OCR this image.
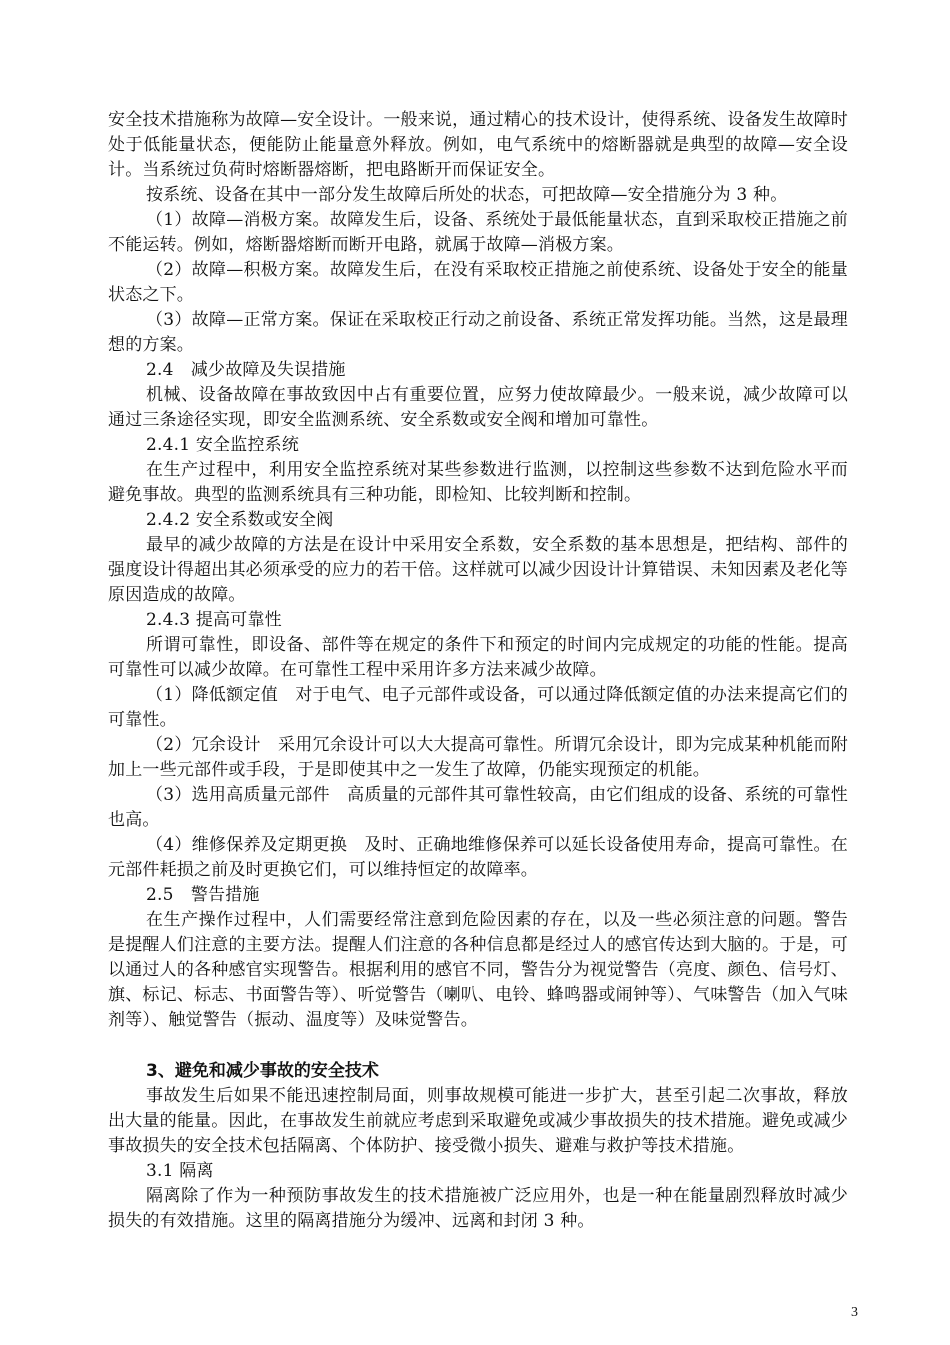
安全技术措施称为故障—安全设计。一般来说，通过精心的技术设计，使得系统、设备发生故障时处于低能量状态，便能防止能量意外释放。例如，电气系统中的熔断器就是典型的故障—安全设计。当系统过负荷时熔断器熔断，把电路断开而保证安全。

按系统、设备在其中一部分发生故障后所处的状态，可把故障—安全措施分为 3 种。

（1）故障—消极方案。故障发生后，设备、系统处于最低能量状态，直到采取校正措施之前不能运转。例如，熔断器熔断而断开电路，就属于故障—消极方案。

（2）故障—积极方案。故障发生后，在没有采取校正措施之前使系统、设备处于安全的能量状态之下。

（3）故障—正常方案。保证在采取校正行动之前设备、系统正常发挥功能。当然，这是最理想的方案。

2.4　减少故障及失误措施

机械、设备故障在事故致因中占有重要位置，应努力使故障最少。一般来说，减少故障可以通过三条途径实现，即安全监测系统、安全系数或安全阀和增加可靠性。

2.4.1 安全监控系统

在生产过程中，利用安全监控系统对某些参数进行监测，以控制这些参数不达到危险水平而避免事故。典型的监测系统具有三种功能，即检知、比较判断和控制。

2.4.2 安全系数或安全阀

最早的减少故障的方法是在设计中采用安全系数，安全系数的基本思想是，把结构、部件的强度设计得超出其必须承受的应力的若干倍。这样就可以减少因设计计算错误、未知因素及老化等原因造成的故障。

2.4.3 提高可靠性

所谓可靠性，即设备、部件等在规定的条件下和预定的时间内完成规定的功能的性能。提高可靠性可以减少故障。在可靠性工程中采用许多方法来减少故障。

（1）降低额定值　对于电气、电子元部件或设备，可以通过降低额定值的办法来提高它们的可靠性。

（2）冗余设计　采用冗余设计可以大大提高可靠性。所谓冗余设计，即为完成某种机能而附加上一些元部件或手段，于是即使其中之一发生了故障，仍能实现预定的机能。

（3）选用高质量元部件　高质量的元部件其可靠性较高，由它们组成的设备、系统的可靠性也高。

（4）维修保养及定期更换　及时、正确地维修保养可以延长设备使用寿命，提高可靠性。在元部件耗损之前及时更换它们，可以维持恒定的故障率。

2.5　警告措施

在生产操作过程中，人们需要经常注意到危险因素的存在，以及一些必须注意的问题。警告是提醒人们注意的主要方法。提醒人们注意的各种信息都是经过人的感官传达到大脑的。于是，可以通过人的各种感官实现警告。根据利用的感官不同，警告分为视觉警告（亮度、颜色、信号灯、旗、标记、标志、书面警告等）、听觉警告（喇叭、电铃、蜂鸣器或闹钟等）、气味警告（加入气味剂等）、触觉警告（振动、温度等）及味觉警告。

3、避免和减少事故的安全技术

事故发生后如果不能迅速控制局面，则事故规模可能进一步扩大，甚至引起二次事故，释放出大量的能量。因此，在事故发生前就应考虑到采取避免或减少事故损失的技术措施。避免或减少事故损失的安全技术包括隔离、个体防护、接受微小损失、避难与救护等技术措施。

3.1 隔离

隔离除了作为一种预防事故发生的技术措施被广泛应用外，也是一种在能量剧烈释放时减少损失的有效措施。这里的隔离措施分为缓冲、远离和封闭 3 种。

3
